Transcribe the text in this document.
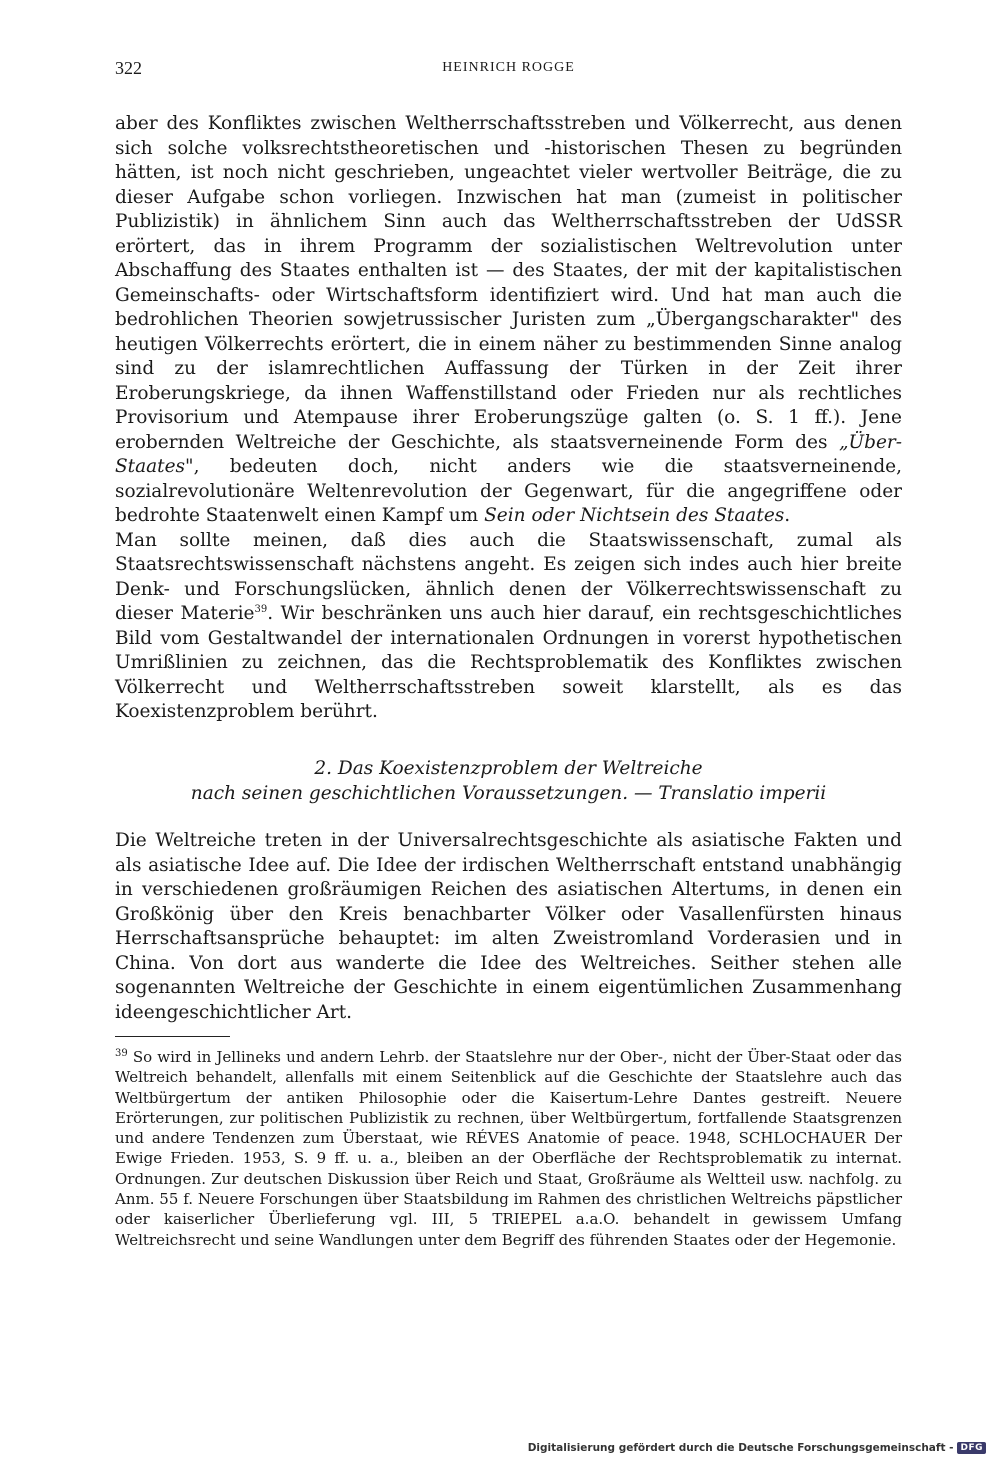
322	HEINRICH ROGGE

aber des Konfliktes zwischen Weltherrschaftsstreben und Völkerrecht, aus denen sich solche volksrechtstheoretischen und -historischen Thesen zu begründen hätten, ist noch nicht geschrieben, ungeachtet vieler wertvoller Beiträge, die zu dieser Aufgabe schon vorliegen. Inzwischen hat man (zumeist in politischer Publizistik) in ähnlichem Sinn auch das Weltherrschaftsstreben der UdSSR erörtert, das in ihrem Programm der sozialistischen Weltrevolution unter Abschaffung des Staates enthalten ist — des Staates, der mit der kapitalistischen Gemeinschafts- oder Wirtschaftsform identifiziert wird. Und hat man auch die bedrohlichen Theorien sowjetrussischer Juristen zum „Übergangscharakter" des heutigen Völkerrechts erörtert, die in einem näher zu bestimmenden Sinne analog sind zu der islamrechtlichen Auffassung der Türken in der Zeit ihrer Eroberungskriege, da ihnen Waffenstillstand oder Frieden nur als rechtliches Provisorium und Atempause ihrer Eroberungszüge galten (o. S. 1 ff.). Jene erobernden Weltreiche der Geschichte, als staatsverneinende Form des „Über-Staates", bedeuten doch, nicht anders wie die staatsverneinende, sozialrevolutionäre Weltenrevolution der Gegenwart, für die angegriffene oder bedrohte Staatenwelt einen Kampf um Sein oder Nichtsein des Staates.

Man sollte meinen, daß dies auch die Staatswissenschaft, zumal als Staatsrechtswissenschaft nächstens angeht. Es zeigen sich indes auch hier breite Denk- und Forschungslücken, ähnlich denen der Völkerrechtswissenschaft zu dieser Materie$^{39}$. Wir beschränken uns auch hier darauf, ein rechtsgeschichtliches Bild vom Gestaltwandel der internationalen Ordnungen in vorerst hypothetischen Umrißlinien zu zeichnen, das die Rechtsproblematik des Konfliktes zwischen Völkerrecht und Weltherrschaftsstreben soweit klarstellt, als es das Koexistenzproblem berührt.

2. Das Koexistenzproblem der Weltreiche
nach seinen geschichtlichen Voraussetzungen. — Translatio imperii
Die Weltreiche treten in der Universalrechtsgeschichte als asiatische Fakten und als asiatische Idee auf. Die Idee der irdischen Weltherrschaft entstand unabhängig in verschiedenen großräumigen Reichen des asiatischen Altertums, in denen ein Großkönig über den Kreis benachbarter Völker oder Vasallenfürsten hinaus Herrschaftsansprüche behauptet: im alten Zweistromland Vorderasien und in China. Von dort aus wanderte die Idee des Weltreiches. Seither stehen alle sogenannten Weltreiche der Geschichte in einem eigentümlichen Zusammenhang ideengeschichtlicher Art.
$^{39}$ So wird in Jellineks und andern Lehrb. der Staatslehre nur der Ober-, nicht der Über-Staat oder das Weltreich behandelt, allenfalls mit einem Seitenblick auf die Geschichte der Staatslehre auch das Weltbürgertum der antiken Philosophie oder die Kaisertum-Lehre Dantes gestreift. Neuere Erörterungen, zur politischen Publizistik zu rechnen, über Weltbürgertum, fortfallende Staatsgrenzen und andere Tendenzen zum Überstaat, wie RÉVES Anatomie of peace. 1948, SCHLOCHAUER Der Ewige Frieden. 1953, S. 9 ff. u. a., bleiben an der Oberfläche der Rechtsproblematik zu internat. Ordnungen. Zur deutschen Diskussion über Reich und Staat, Großräume als Weltteil usw. nachfolg. zu Anm. 55 f. Neuere Forschungen über Staatsbildung im Rahmen des christlichen Weltreichs päpstlicher oder kaiserlicher Überlieferung vgl. III, 5 TRIEPEL a.a.O. behandelt in gewissem Umfang Weltreichsrecht und seine Wandlungen unter dem Begriff des führenden Staates oder der Hegemonie.
Digitalisierung gefördert durch die Deutsche Forschungsgemeinschaft - DFG
